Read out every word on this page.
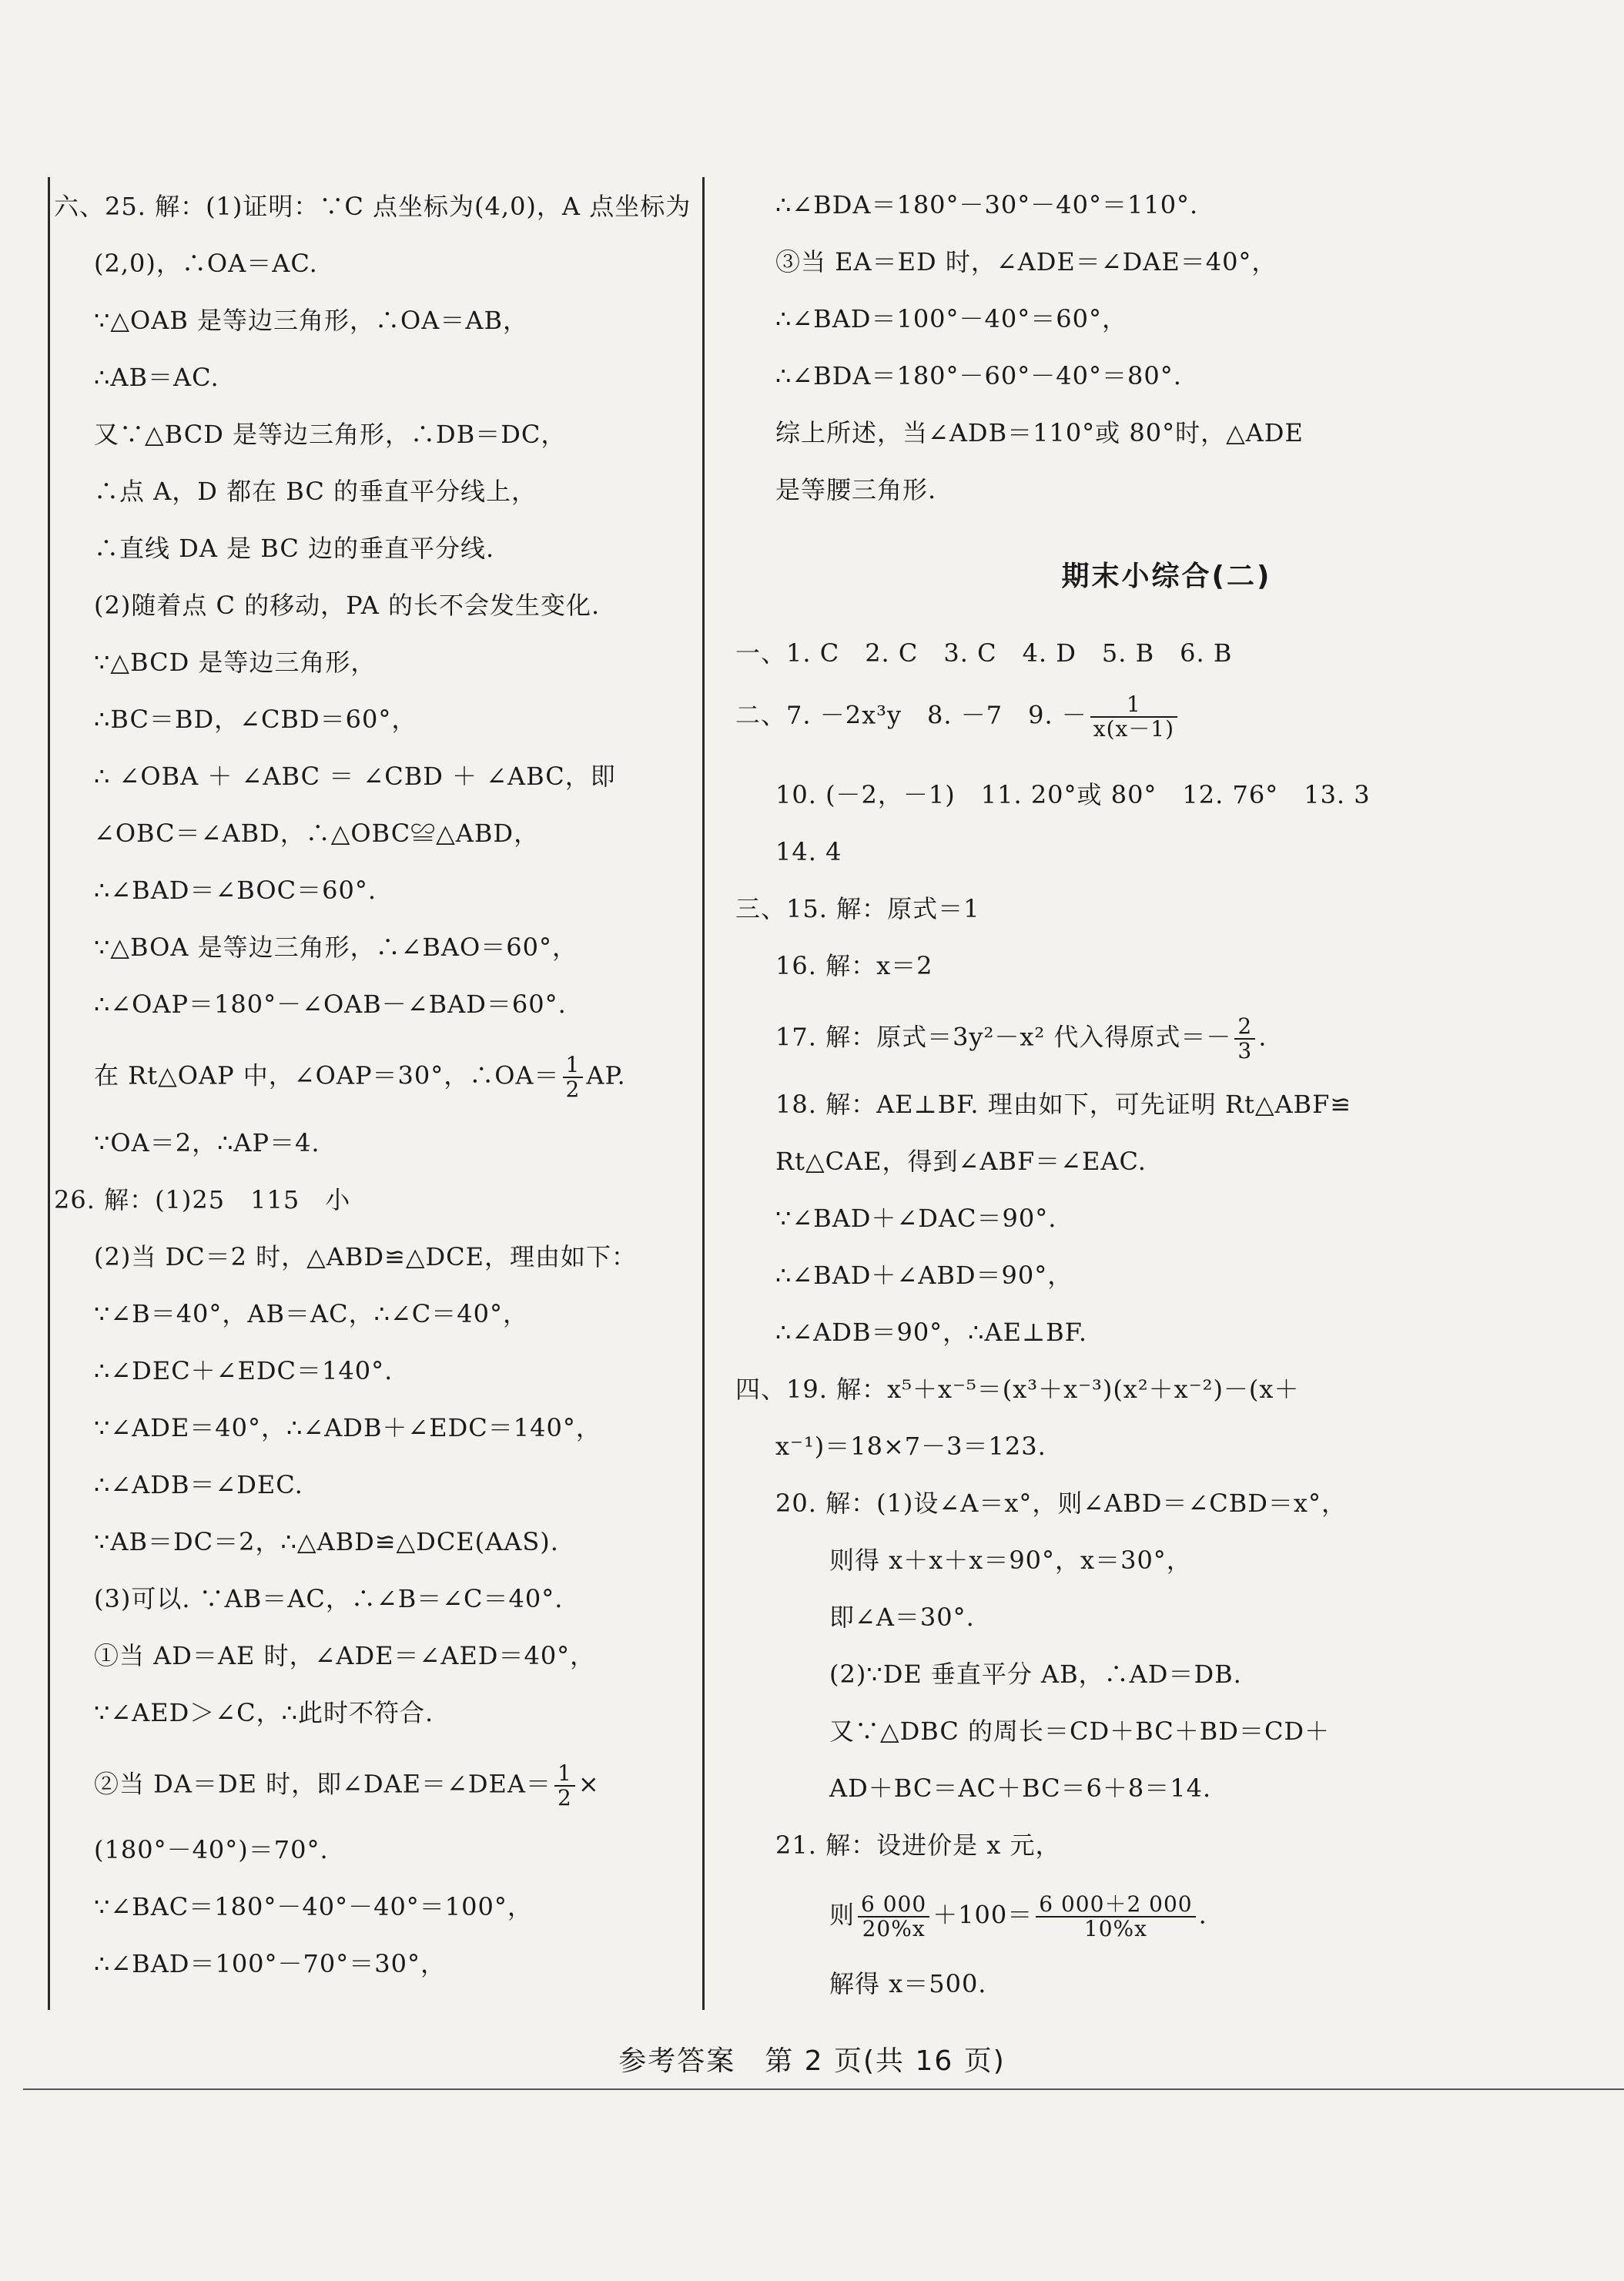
六、25. 解：(1)证明：∵C 点坐标为(4,0)，A 点坐标为
(2,0)，∴OA＝AC.
∵△OAB 是等边三角形，∴OA＝AB，
∴AB＝AC.
又∵△BCD 是等边三角形，∴DB＝DC，
∴点 A，D 都在 BC 的垂直平分线上，
∴直线 DA 是 BC 边的垂直平分线.
(2)随着点 C 的移动，PA 的长不会发生变化.
∵△BCD 是等边三角形，
∴BC＝BD，∠CBD＝60°，
∴ ∠OBA ＋ ∠ABC ＝ ∠CBD ＋ ∠ABC，即
∠OBC＝∠ABD，∴△OBC≌△ABD，
∴∠BAD＝∠BOC＝60°.
∵△BOA 是等边三角形，∴∠BAO＝60°，
∴∠OAP＝180°－∠OAB－∠BAD＝60°.
在 Rt△OAP 中，∠OAP＝30°，∴OA＝ $\frac{1}{2}$ AP.
∵OA＝2，∴AP＝4.
26. 解：(1)25　115　小
(2)当 DC＝2 时，△ABD≌△DCE，理由如下：
∵∠B＝40°，AB＝AC，∴∠C＝40°，
∴∠DEC＋∠EDC＝140°.
∵∠ADE＝40°，∴∠ADB＋∠EDC＝140°，
∴∠ADB＝∠DEC.
∵AB＝DC＝2，∴△ABD≌△DCE(AAS).
(3)可以. ∵AB＝AC，∴∠B＝∠C＝40°.
①当 AD＝AE 时，∠ADE＝∠AED＝40°，
∵∠AED＞∠C，∴此时不符合.
②当 DA＝DE 时，即∠DAE＝∠DEA＝ $\frac{1}{2}$ ×
(180°－40°)＝70°.
∵∠BAC＝180°－40°－40°＝100°，
∴∠BAD＝100°－70°＝30°，
∴∠BDA＝180°－30°－40°＝110°.
③当 EA＝ED 时，∠ADE＝∠DAE＝40°，
∴∠BAD＝100°－40°＝60°，
∴∠BDA＝180°－60°－40°＝80°.
综上所述，当∠ADB＝110°或 80°时，△ADE
是等腰三角形.
期末小综合(二)
一、1. C　2. C　3. C　4. D　5. B　6. B
二、7. －2x³y　8. －7　9. － $\frac{1}{x(x-1)}$
10. (－2，－1)　11. 20°或 80°　12. 76°　13. 3
14. 4
三、15. 解：原式＝1
16. 解：x＝2
17. 解：原式＝3y²－x² 代入得原式＝－ $\frac{2}{3}$ .
18. 解：AE⊥BF. 理由如下，可先证明 Rt△ABF≌
Rt△CAE，得到∠ABF＝∠EAC.
∵∠BAD＋∠DAC＝90°.
∴∠BAD＋∠ABD＝90°，
∴∠ADB＝90°，∴AE⊥BF.
四、19. 解：x⁵＋x⁻⁵＝(x³＋x⁻³)(x²＋x⁻²)－(x＋
x⁻¹)＝18×7－3＝123.
20. 解：(1)设∠A＝x°，则∠ABD＝∠CBD＝x°，
则得 x＋x＋x＝90°，x＝30°，
即∠A＝30°.
(2)∵DE 垂直平分 AB，∴AD＝DB.
又∵△DBC 的周长＝CD＋BC＋BD＝CD＋
AD＋BC＝AC＋BC＝6＋8＝14.
21. 解：设进价是 x 元，
则 $\frac{6 000}{20\%x} +100= \frac{6 000+2 000}{10\%x}$ .
解得 x＝500.
参考答案　第 2 页(共 16 页)
